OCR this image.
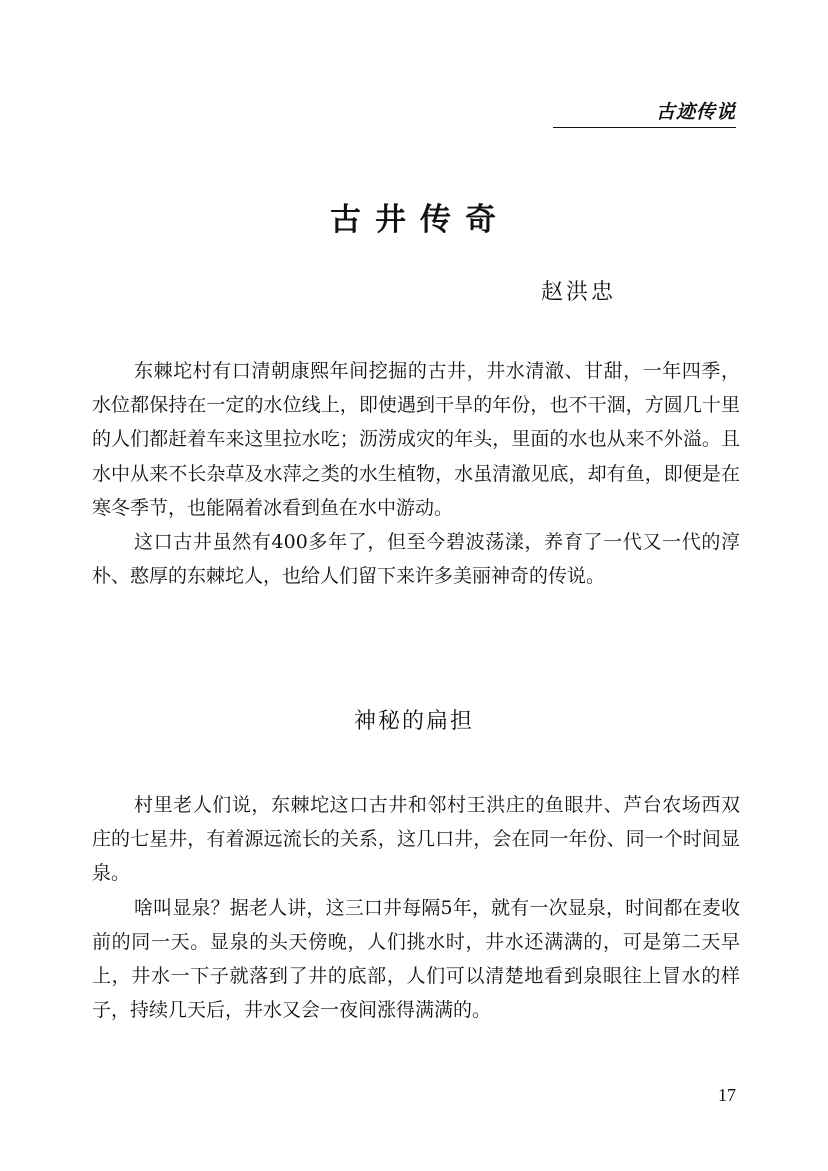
古迹传说
古井传奇
赵洪忠

东棘坨村有口清朝康熙年间挖掘的古井，井水清澈、甘甜，一年四季，水位都保持在一定的水位线上，即使遇到干旱的年份，也不干涸，方圆几十里的人们都赶着车来这里拉水吃；沥涝成灾的年头，里面的水也从来不外溢。且水中从来不长杂草及水萍之类的水生植物，水虽清澈见底，却有鱼，即便是在寒冬季节，也能隔着冰看到鱼在水中游动。

这口古井虽然有400多年了，但至今碧波荡漾，养育了一代又一代的淳朴、憨厚的东棘坨人，也给人们留下来许多美丽神奇的传说。

神秘的扁担

村里老人们说，东棘坨这口古井和邻村王洪庄的鱼眼井、芦台农场西双庄的七星井，有着源远流长的关系，这几口井，会在同一年份、同一个时间显泉。

啥叫显泉？据老人讲，这三口井每隔5年，就有一次显泉，时间都在麦收前的同一天。显泉的头天傍晚，人们挑水时，井水还满满的，可是第二天早上，井水一下子就落到了井的底部，人们可以清楚地看到泉眼往上冒水的样子，持续几天后，井水又会一夜间涨得满满的。

17
